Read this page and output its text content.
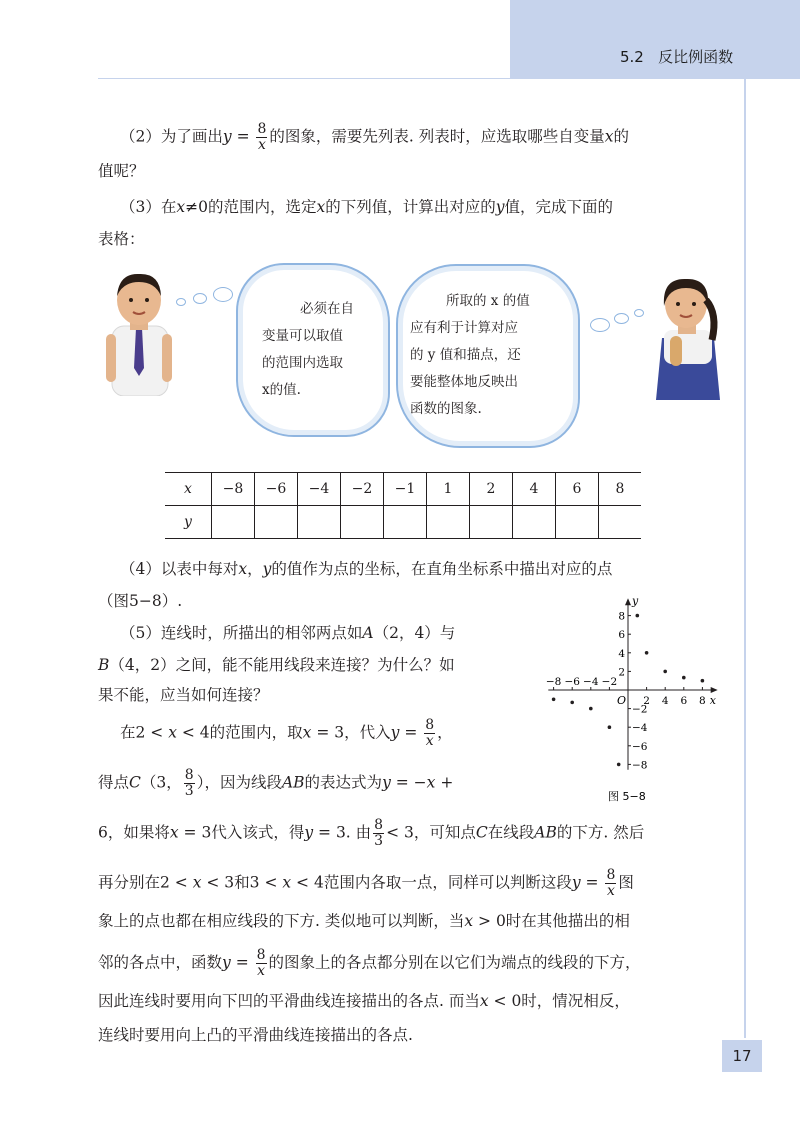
5.2 反比例函数
（2）为了画出$y = \frac{8}{x}$ 的图象，需要先列表. 列表时，应选取哪些自变量x的
值呢？
（3）在x≠0的范围内，选定x的下列值，计算出对应的y值，完成下面的
表格：
必须在自
变量可以取值
的范围内选取
x的值.
所取的 x 的值
应有利于计算对应
的 y 值和描点，还
要能整体地反映出
函数的图象.
x	−8	−6	−4	−2	−1	1	2	4	6	8
y										
（4）以表中每对x，y的值作为点的坐标，在直角坐标系中描出对应的点
（图5−8）.
（5）连线时，所描出的相邻两点如A（2，4）与
B（4，2）之间，能不能用线段来连接？为什么？如
果不能，应当如何连接？
在2 < x < 4的范围内，取x = 3，代入$y = \frac{8}{x}$ ，
得点C（3， $\frac{8}{3}$ ），因为线段AB的表达式为y = −x +
6，如果将x = 3代入该式，得y = 3. 由 $\frac{8}{3} < 3$，可知点C在线段AB的下方. 然后
再分别在2 < x < 3和3 < x < 4范围内各取一点，同样可以判断这段$y = \frac{8}{x}$ 图
象上的点也都在相应线段的下方. 类似地可以判断，当x > 0时在其他描出的相
邻的各点中，函数$y = \frac{8}{x}$ 的图象上的各点都分别在以它们为端点的线段的下方，
因此连线时要用向下凹的平滑曲线连接描出的各点. 而当x < 0时，情况相反，
连线时要用向上凸的平滑曲线连接描出的各点.
x
y
O
−8 −6 −4 −2
2 4 6 8
8
6
4
2
−2
−4
−6
−8
图 5−8
17
